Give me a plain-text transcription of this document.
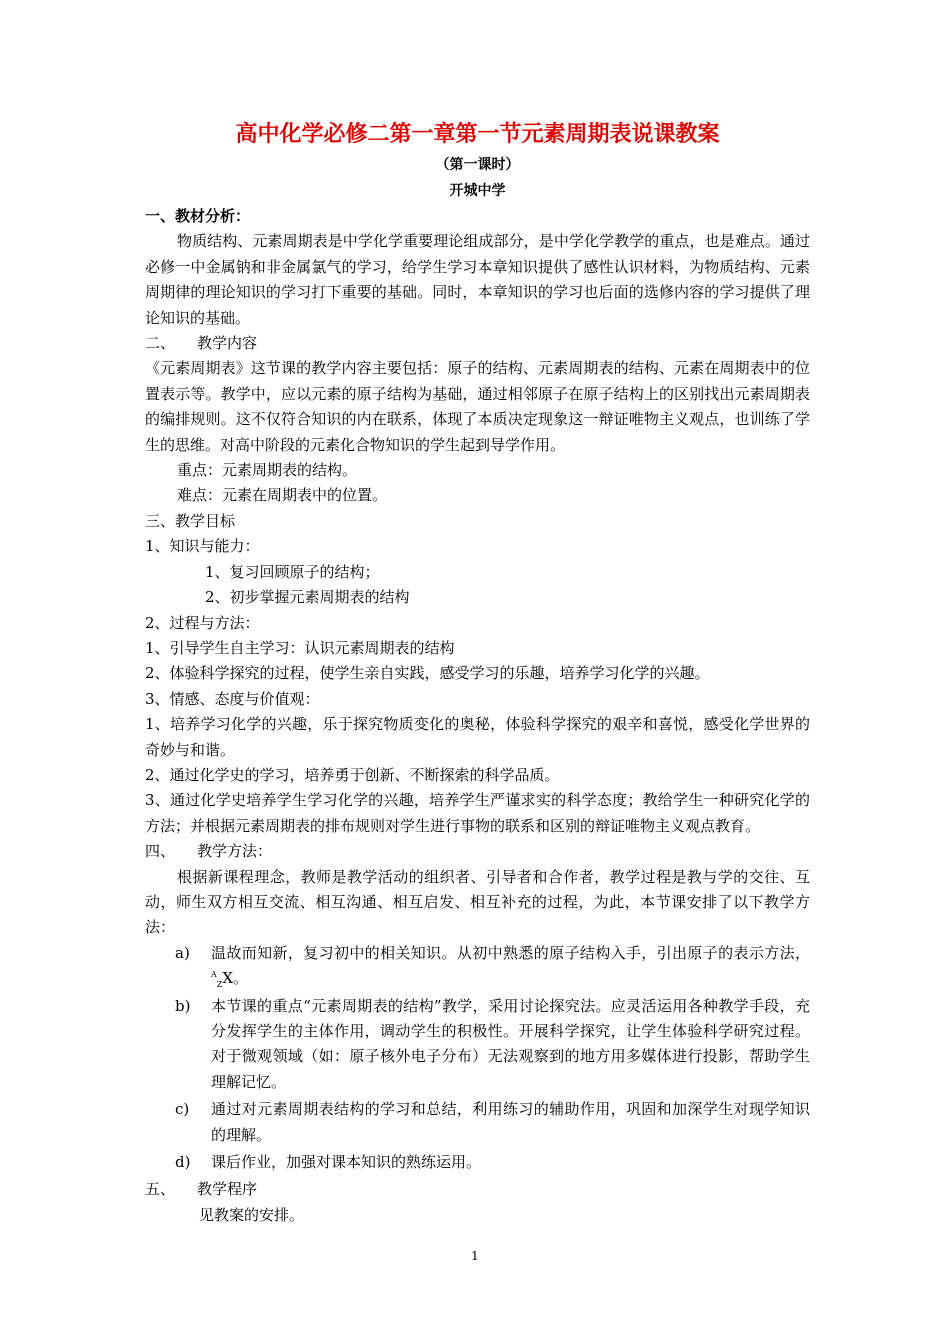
高中化学必修二第一章第一节元素周期表说课教案
（第一课时）
开城中学

一、教材分析：

物质结构、元素周期表是中学化学重要理论组成部分，是中学化学教学的重点，也是难点。通过必修一中金属钠和非金属氯气的学习，给学生学习本章知识提供了感性认识材料，为物质结构、元素周期律的理论知识的学习打下重要的基础。同时，本章知识的学习也后面的选修内容的学习提供了理论知识的基础。

二、 教学内容

《元素周期表》这节课的教学内容主要包括：原子的结构、元素周期表的结构、元素在周期表中的位置表示等。教学中，应以元素的原子结构为基础，通过相邻原子在原子结构上的区别找出元素周期表的编排规则。这不仅符合知识的内在联系，体现了本质决定现象这一辩证唯物主义观点，也训练了学生的思维。对高中阶段的元素化合物知识的学生起到导学作用。

重点：元素周期表的结构。

难点：元素在周期表中的位置。

三、教学目标

1、知识与能力：

1、复习回顾原子的结构；

2、初步掌握元素周期表的结构

2、过程与方法：

1、引导学生自主学习：认识元素周期表的结构

2、体验科学探究的过程，使学生亲自实践，感受学习的乐趣，培养学习化学的兴趣。

3、情感、态度与价值观：

1、培养学习化学的兴趣，乐于探究物质变化的奥秘，体验科学探究的艰辛和喜悦，感受化学世界的奇妙与和谐。

2、通过化学史的学习，培养勇于创新、不断探索的科学品质。

3、通过化学史培养学生学习化学的兴趣，培养学生严谨求实的科学态度；教给学生一种研究化学的方法；并根据元素周期表的排布规则对学生进行事物的联系和区别的辩证唯物主义观点教育。

四、 教学方法：

根据新课程理念，教师是教学活动的组织者、引导者和合作者，教学过程是教与学的交往、互动，师生双方相互交流、相互沟通、相互启发、相互补充的过程，为此，本节课安排了以下教学方法：

a) 温故而知新，复习初中的相关知识。从初中熟悉的原子结构入手，引出原子的表示方法，$^A_Z$X。
b) 本节课的重点“元素周期表的结构”教学，采用讨论探究法。应灵活运用各种教学手段，充分发挥学生的主体作用，调动学生的积极性。开展科学探究，让学生体验科学研究过程。对于微观领域（如：原子核外电子分布）无法观察到的地方用多媒体进行投影，帮助学生理解记忆。
c) 通过对元素周期表结构的学习和总结，利用练习的辅助作用，巩固和加深学生对现学知识的理解。
d) 课后作业，加强对课本知识的熟练运用。

五、 教学程序

见教案的安排。

1
